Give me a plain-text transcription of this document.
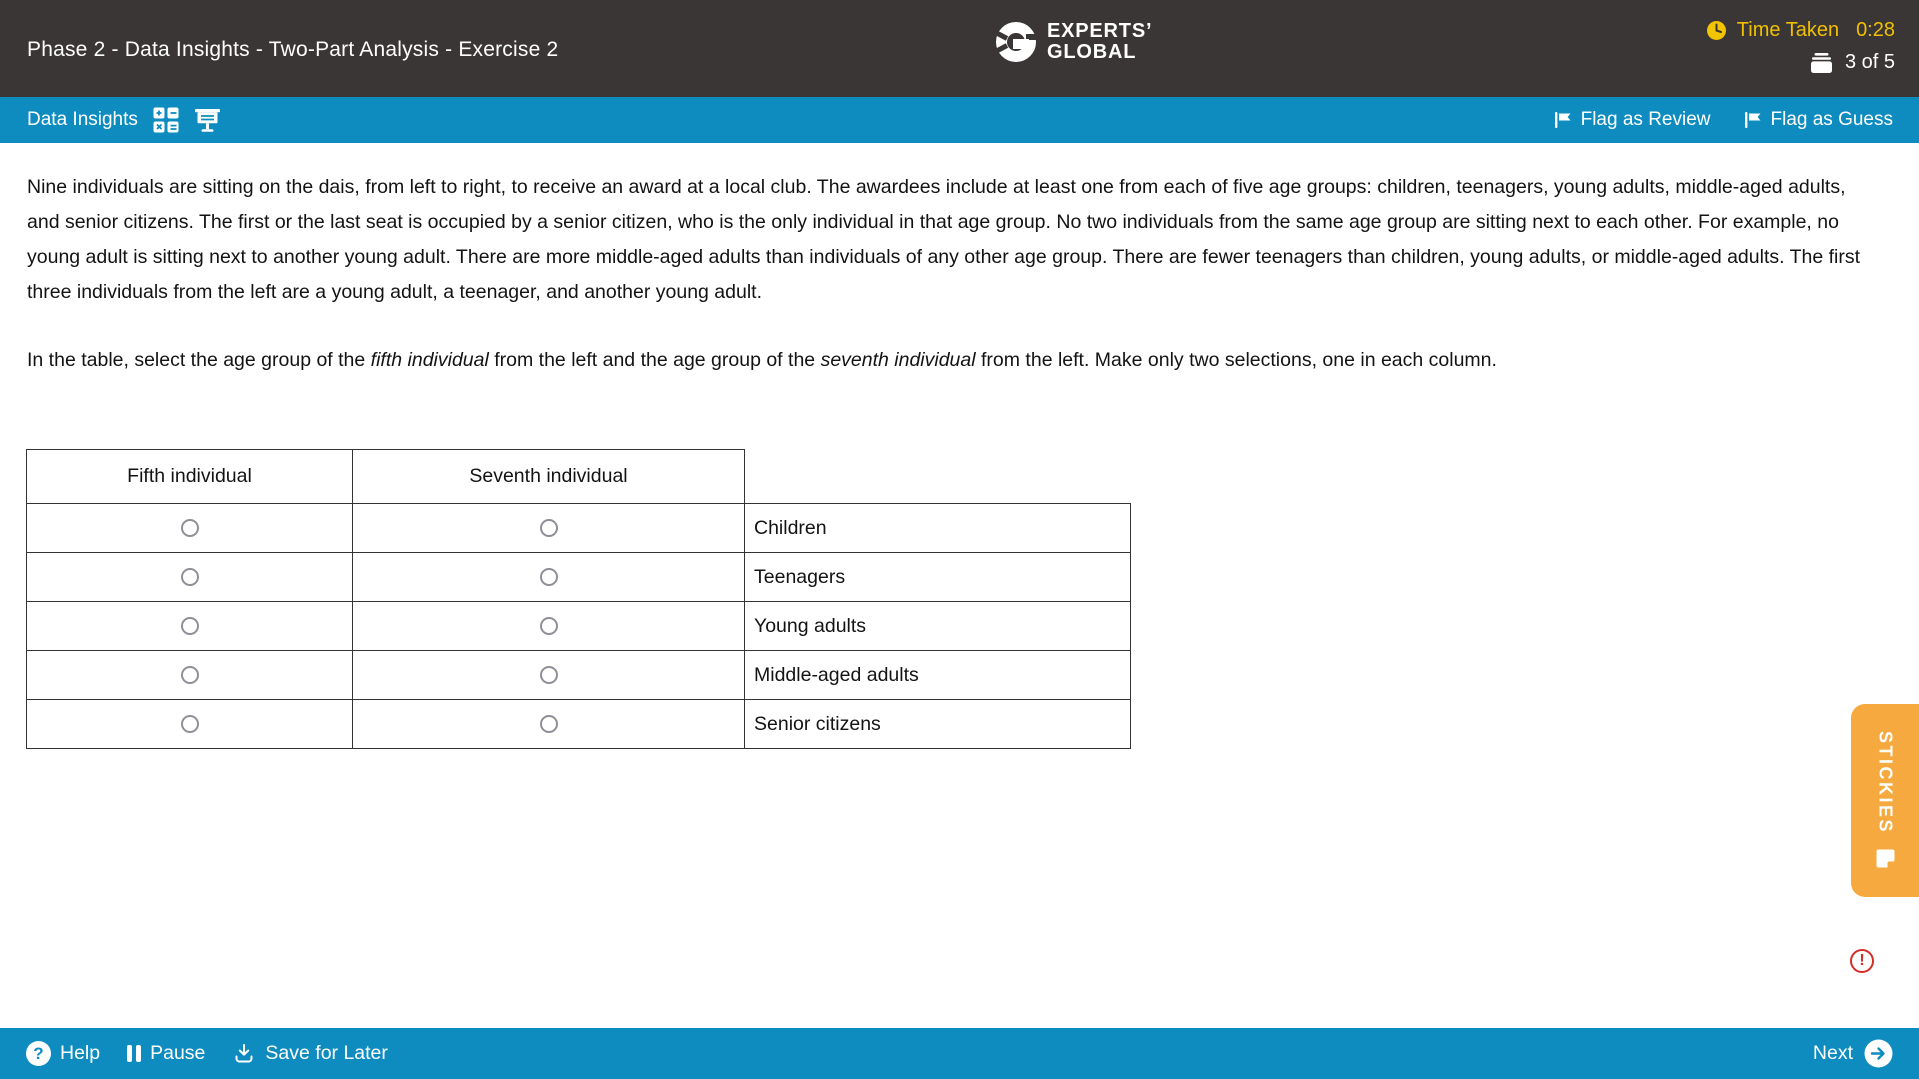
Phase 2 - Data Insights - Two-Part Analysis - Exercise 2
EXPERTS’
GLOBAL
Time Taken 0:28
3 of 5
Data Insights	Flag as Review	Flag as Guess

Nine individuals are sitting on the dais, from left to right, to receive an award at a local club. The awardees include at least one from each of five age groups: children, teenagers, young adults, middle-aged adults, and senior citizens. The first or the last seat is occupied by a senior citizen, who is the only individual in that age group. No two individuals from the same age group are sitting next to each other. For example, no young adult is sitting next to another young adult. There are more middle-aged adults than individuals of any other age group. There are fewer teenagers than children, young adults, or middle-aged adults. The first three individuals from the left are a young adult, a teenager, and another young adult.

In the table, select the age group of the fifth individual from the left and the age group of the seventh individual from the left. Make only two selections, one in each column.

Fifth individual	Seventh individual	
		Children
		Teenagers
		Young adults
		Middle-aged adults
		Senior citizens
STICKIES
!
?
Help	Pause	Save for Later	Next
